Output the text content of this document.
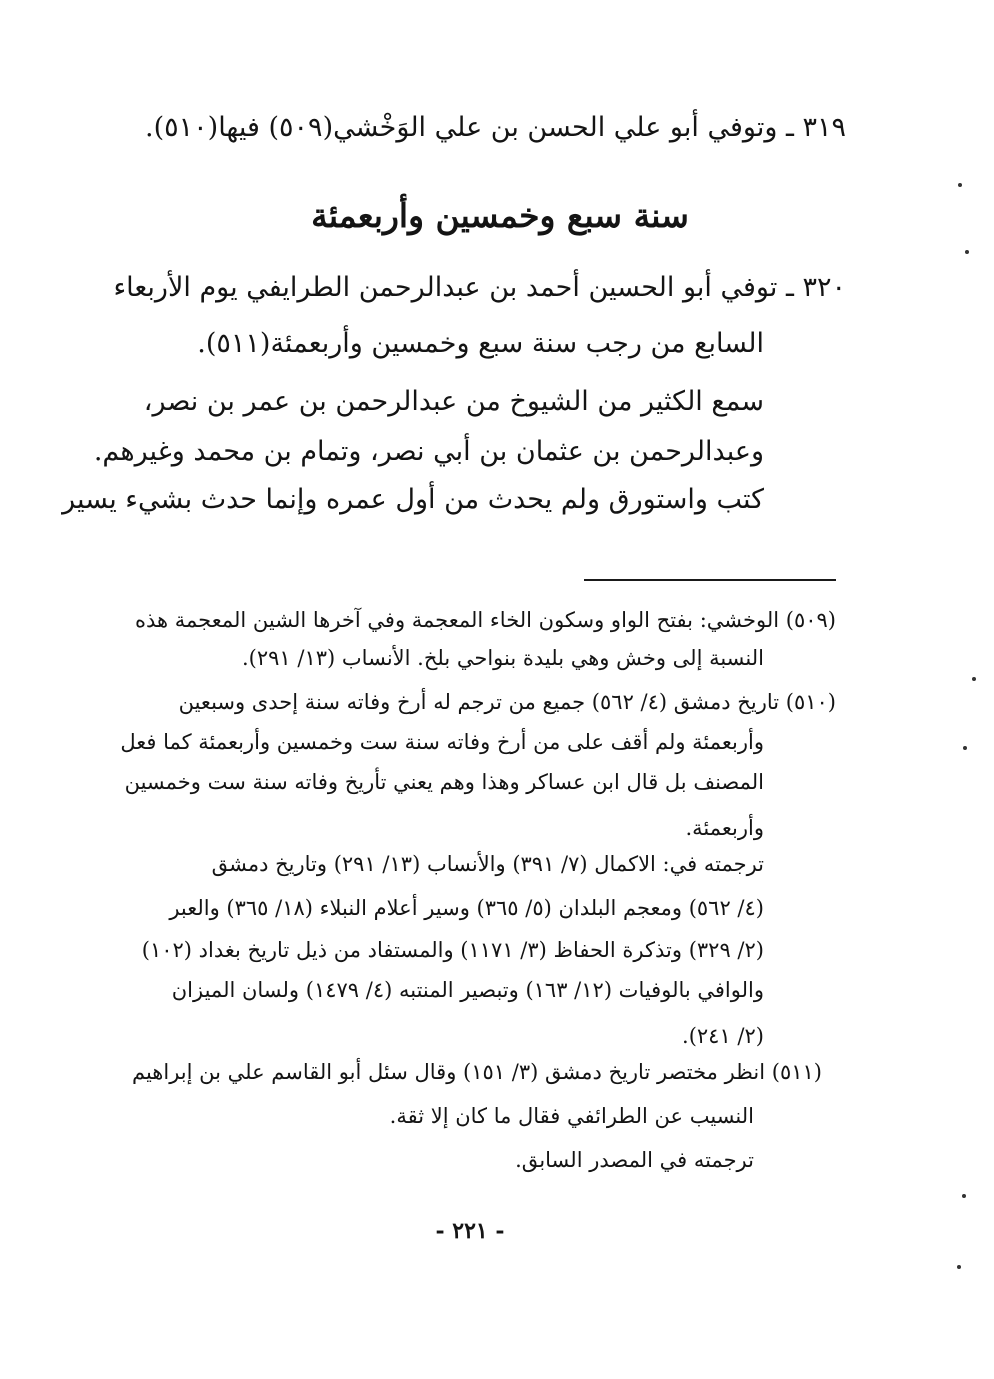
٣١٩ ـ وتوفي أبو علي الحسن بن علي الوَخْشي(٥٠٩) فيها(٥١٠).
سنة سبع وخمسين وأربعمئة
٣٢٠ ـ توفي أبو الحسين أحمد بن عبدالرحمن الطرايفي يوم الأربعاء
السابع من رجب سنة سبع وخمسين وأربعمئة(٥١١).
سمع الكثير من الشيوخ من عبدالرحمن بن عمر بن نصر،
وعبدالرحمن بن عثمان بن أبي نصر، وتمام بن محمد وغيرهم.
كتب واستورق ولم يحدث من أول عمره وإنما حدث بشيء يسير
(٥٠٩) الوخشي: بفتح الواو وسكون الخاء المعجمة وفي آخرها الشين المعجمة هذه
النسبة إلى وخش وهي بليدة بنواحي بلخ. الأنساب (١٣/ ٢٩١).
(٥١٠) تاريخ دمشق (٤/ ٥٦٢) جميع من ترجم له أرخ وفاته سنة إحدى وسبعين
وأربعمئة ولم أقف على من أرخ وفاته سنة ست وخمسين وأربعمئة كما فعل
المصنف بل قال ابن عساكر وهذا وهم يعني تأريخ وفاته سنة ست وخمسين
وأربعمئة.
ترجمته في: الاكمال (٧/ ٣٩١) والأنساب (١٣/ ٢٩١) وتاريخ دمشق
(٤/ ٥٦٢) ومعجم البلدان (٥/ ٣٦٥) وسير أعلام النبلاء (١٨/ ٣٦٥) والعبر
(٢/ ٣٢٩) وتذكرة الحفاظ (٣/ ١١٧١) والمستفاد من ذيل تاريخ بغداد (١٠٢)
والوافي بالوفيات (١٢/ ١٦٣) وتبصير المنتبه (٤/ ١٤٧٩) ولسان الميزان
(٢/ ٢٤١).
(٥١١) انظر مختصر تاريخ دمشق (٣/ ١٥١) وقال سئل أبو القاسم علي بن إبراهيم
النسيب عن الطرائفي فقال ما كان إلا ثقة.
ترجمته في المصدر السابق.
- ٢٢١ -
